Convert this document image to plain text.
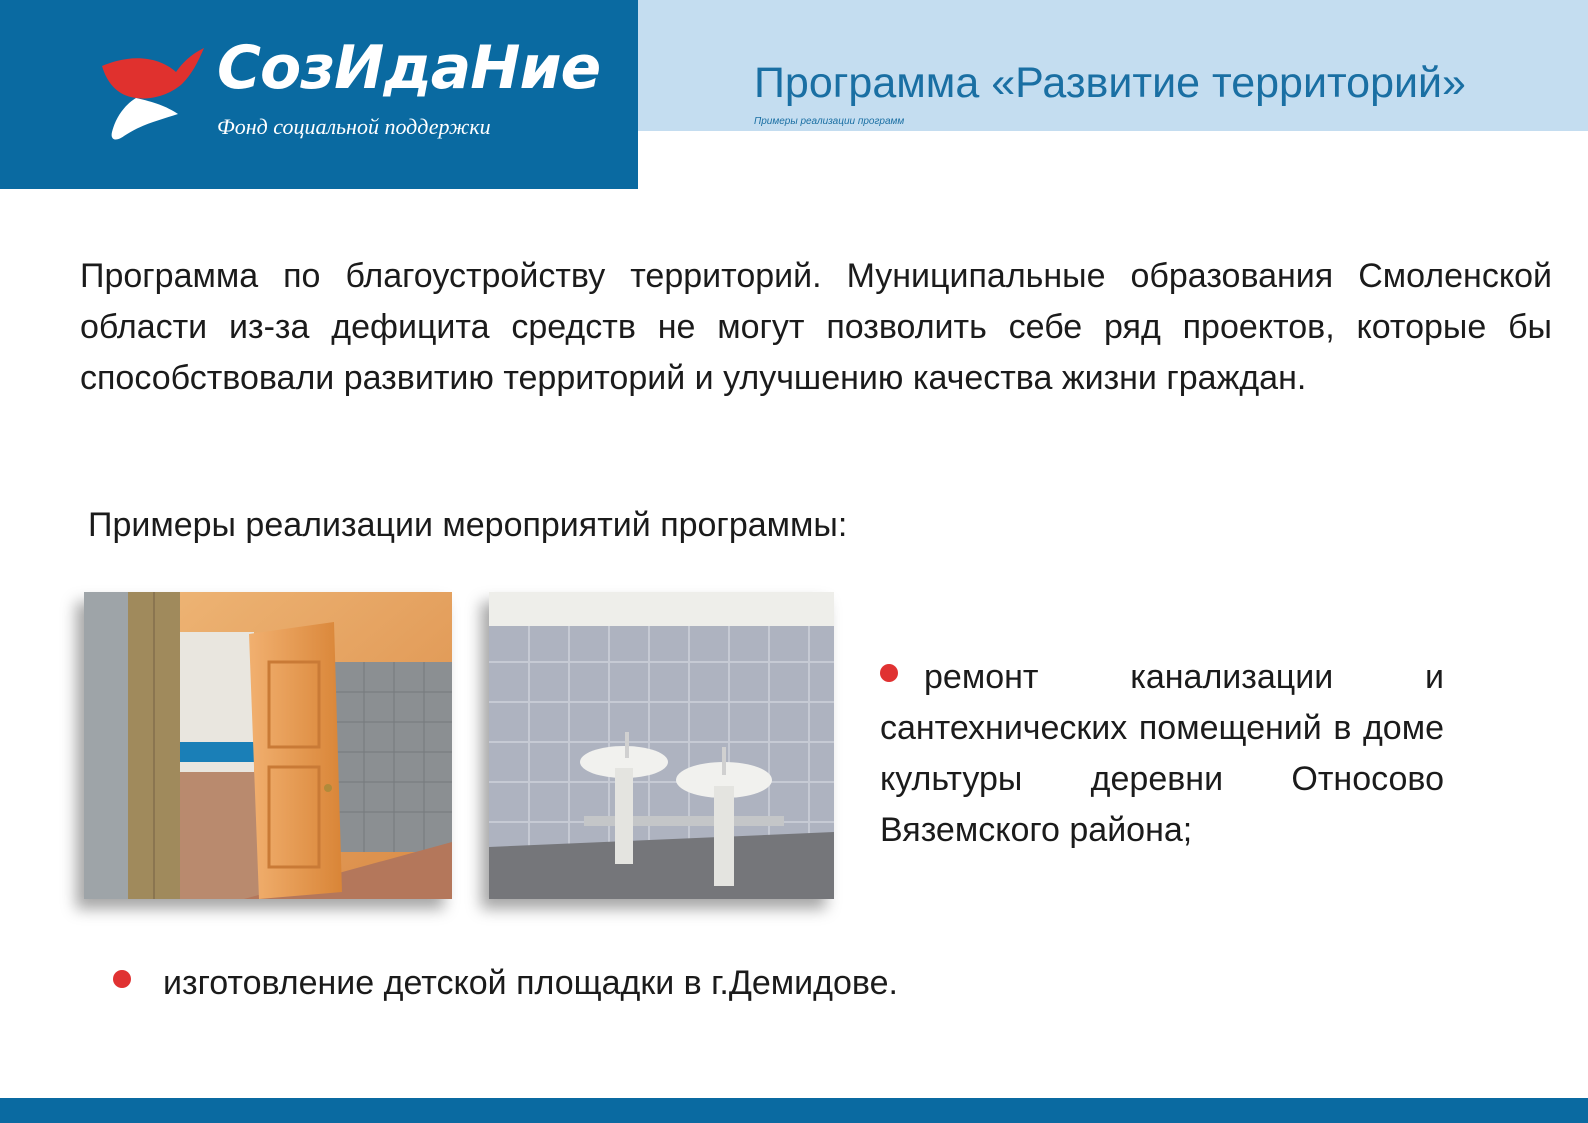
СозИдаНие
Фонд социальной поддержки
Программа «Развитие территорий»
Примеры реализации программ

Программа по благоустройству территорий. Муниципальные образования Смоленской области из-за дефицита средств не могут позволить себе ряд проектов, которые бы способствовали развитию территорий и улучшению качества жизни граждан.

Примеры реализации мероприятий программы:

ремонт канализации и сантехнических помещений в доме культуры деревни Относово Вяземского района;

изготовление детской площадки в г.Демидове.
